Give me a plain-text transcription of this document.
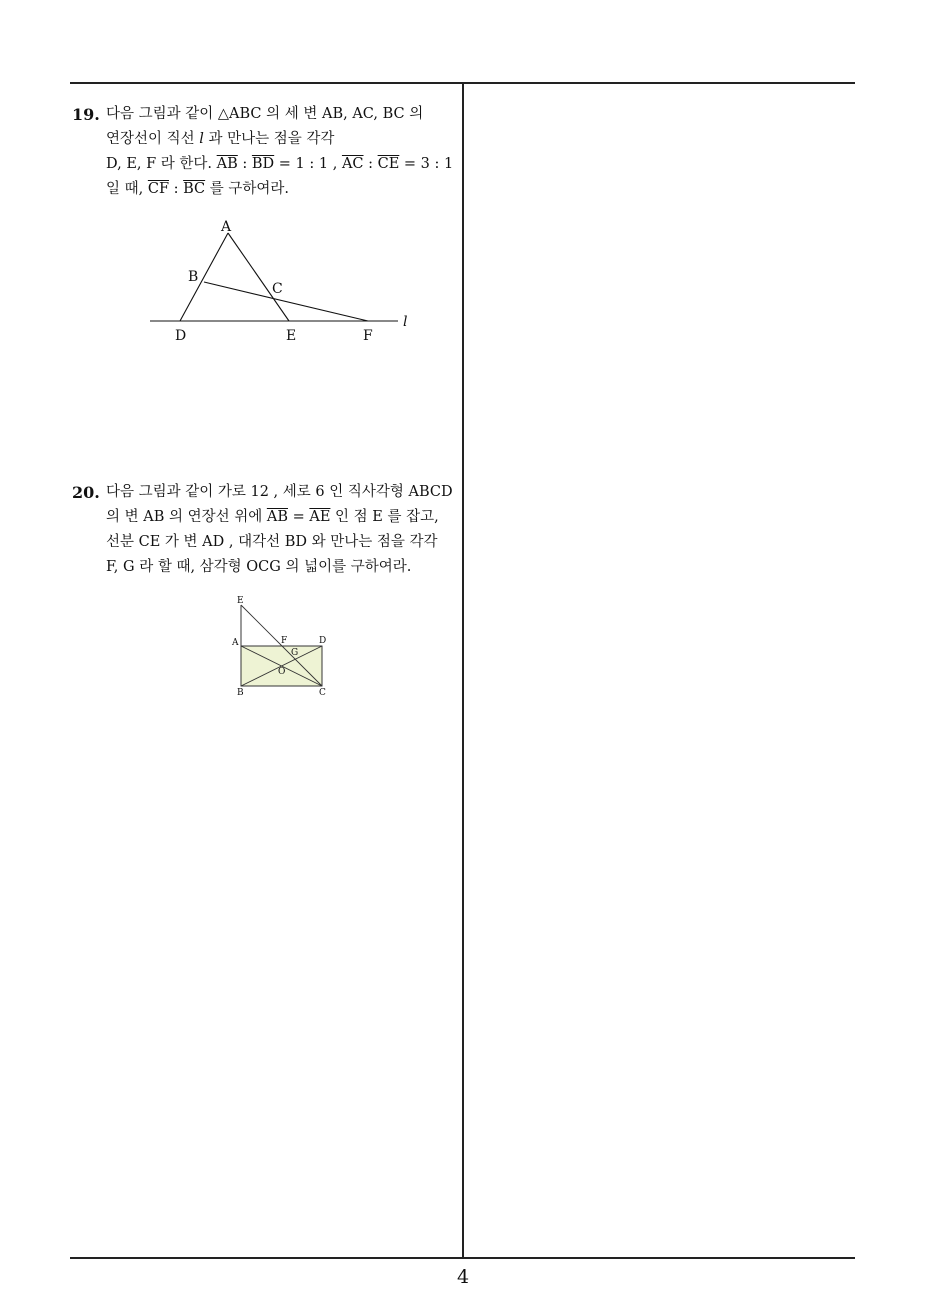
19. 다음 그림과 같이 △ABC 의 세 변 AB, AC, BC 의
연장선이 직선 l 과 만나는 점을 각각
D, E, F 라 한다. $\overline{AB}$ : $\overline{BD} = 1$ : 1 , $\overline{AC}$ : $\overline{CE} = 3$ : 1
일 때, $\overline{CF}$ : $\overline{BC}$ 를 구하여라.
A
B
C
D	E	F
l
20. 다음 그림과 같이 가로 12 , 세로 6 인 직사각형 ABCD
의 변 AB 의 연장선 위에 $\overline{AB} = \overline{AE}$ 인 점 E 를 잡고,
선분 CE 가 변 AD , 대각선 BD 와 만나는 점을 각각
F, G 라 할 때, 삼각형 OCG 의 넓이를 구하여라.
E
A	F	D
G
O
B	C
4
